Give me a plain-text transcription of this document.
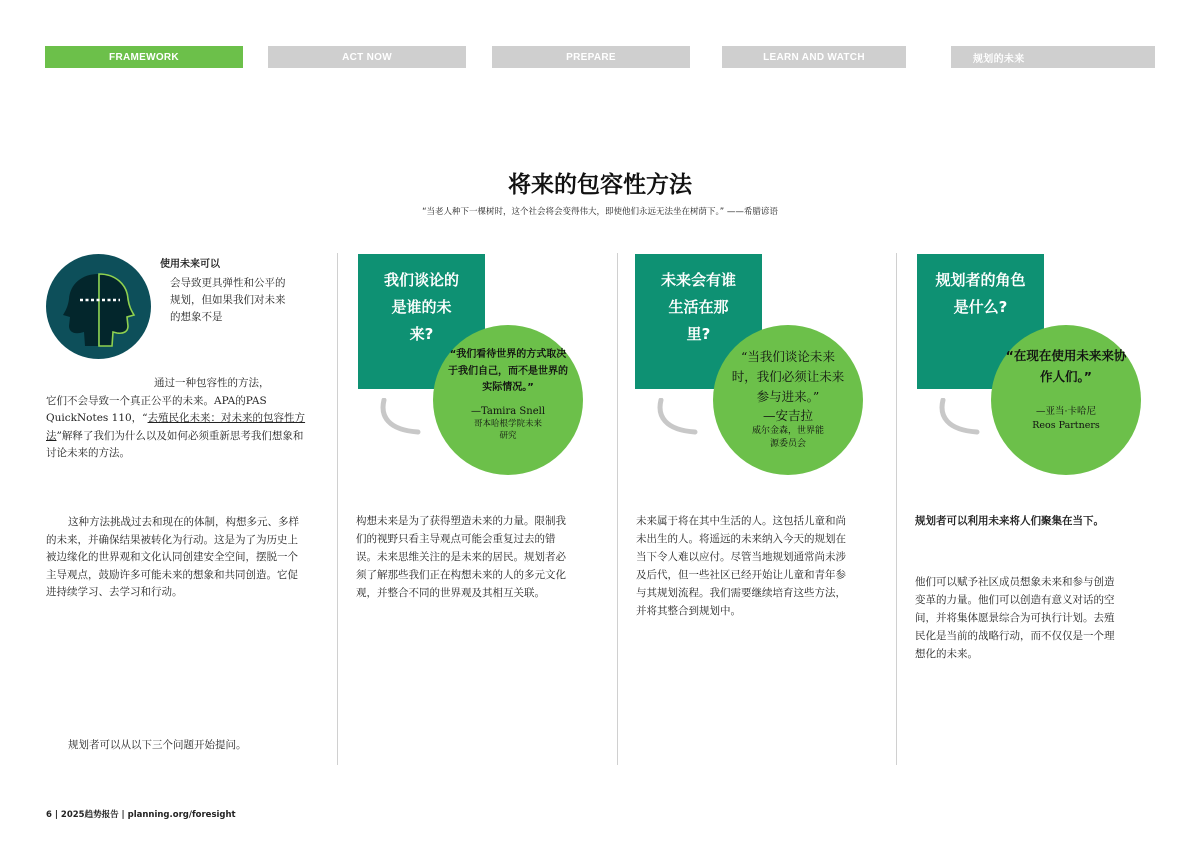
FRAMEWORK	ACT NOW	PREPARE	LEARN AND WATCH	规划的未来
将来的包容性方法
“当老人种下一棵树时，这个社会将会变得伟大，即使他们永远无法坐在树荫下。” ——希腊谚语
使用未来可以
会导致更具弹性和公平的规划，但如果我们对未来的想象不是
通过一种包容性的方法，
它们不会导致一个真正公平的未来。APA的PAS QuickNotes 110，“去殖民化未来：对未来的包容性方法”解释了我们为什么以及如何必须重新思考我们想象和讨论未来的方法。
这种方法挑战过去和现在的体制，构想多元、多样的未来，并确保结果被转化为行动。这是为了为历史上被边缘化的世界观和文化认同创建安全空间，摆脱一个主导观点，鼓励许多可能未来的想象和共同创造。它促进持续学习、去学习和行动。
规划者可以从以下三个问题开始提问。
我们谈论的是谁的未来?
“我们看待世界的方式取决于我们自己，而不是世界的实际情况。”
—Tamira Snell
哥本哈根学院未来研究
构想未来是为了获得塑造未来的力量。限制我们的视野只看主导观点可能会重复过去的错误。未来思维关注的是未来的居民。规划者必须了解那些我们正在构想未来的人的多元文化观，并整合不同的世界观及其相互关联。
未来会有谁生活在那里?
“当我们谈论未来时，我们必须让未来参与进来。”
—安吉拉
威尔金森，世界能源委员会
未来属于将在其中生活的人。这包括儿童和尚未出生的人。将遥远的未来纳入今天的规划在当下令人难以应付。尽管当地规划通常尚未涉及后代，但一些社区已经开始让儿童和青年参与其规划流程。我们需要继续培育这些方法，并将其整合到规划中。
规划者的角色是什么?
“在现在使用未来来协作人们。”
—亚当·卡哈尼
Reos Partners
规划者可以利用未来将人们聚集在当下。
他们可以赋予社区成员想象未来和参与创造变革的力量。他们可以创造有意义对话的空间，并将集体愿景综合为可执行计划。去殖民化是当前的战略行动，而不仅仅是一个理想化的未来。
6 | 2025趋势报告 | planning.org/foresight
